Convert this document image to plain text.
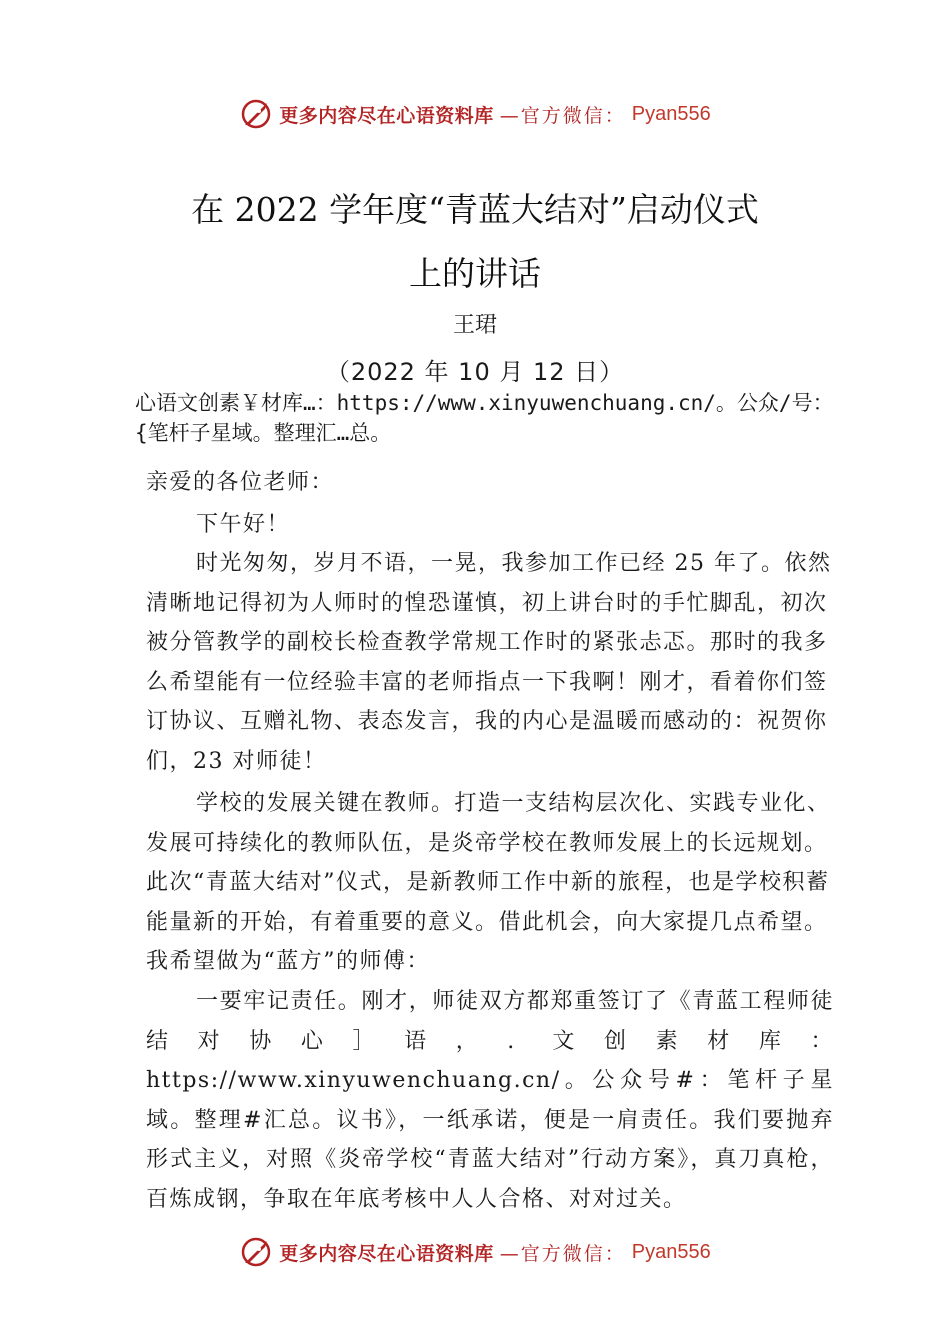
更多内容尽在心语资料库 —官方微信： Pyan556
在 2022 学年度“青蓝大结对”启动仪式
上的讲话
王珺
（2022 年 10 月 12 日）

心语文创素￥材库…：https://www.xinyuwenchuang.cn/。公众/号：{笔杆子星域。整理汇…总。

亲爱的各位老师：

下午好！

时光匆匆，岁月不语，一晃，我参加工作已经 25 年了。依然清晰地记得初为人师时的惶恐谨慎，初上讲台时的手忙脚乱，初次被分管教学的副校长检查教学常规工作时的紧张忐忑。那时的我多么希望能有一位经验丰富的老师指点一下我啊！刚才，看着你们签订协议、互赠礼物、表态发言，我的内心是温暖而感动的：祝贺你们，23 对师徒！

学校的发展关键在教师。打造一支结构层次化、实践专业化、发展可持续化的教师队伍，是炎帝学校在教师发展上的长远规划。此次“青蓝大结对”仪式，是新教师工作中新的旅程，也是学校积蓄能量新的开始，有着重要的意义。借此机会，向大家提几点希望。我希望做为“蓝方”的师傅：

一要牢记责任。刚才，师徒双方都郑重签订了《青蓝工程师徒结对协心］语，. 文创素材库：https://www.xinyuwenchuang.cn/。公众号#：笔杆子星域。整理#汇总。议书》，一纸承诺，便是一肩责任。我们要抛弃形式主义，对照《炎帝学校“青蓝大结对”行动方案》，真刀真枪，百炼成钢，争取在年底考核中人人合格、对对过关。

更多内容尽在心语资料库 —官方微信： Pyan556
